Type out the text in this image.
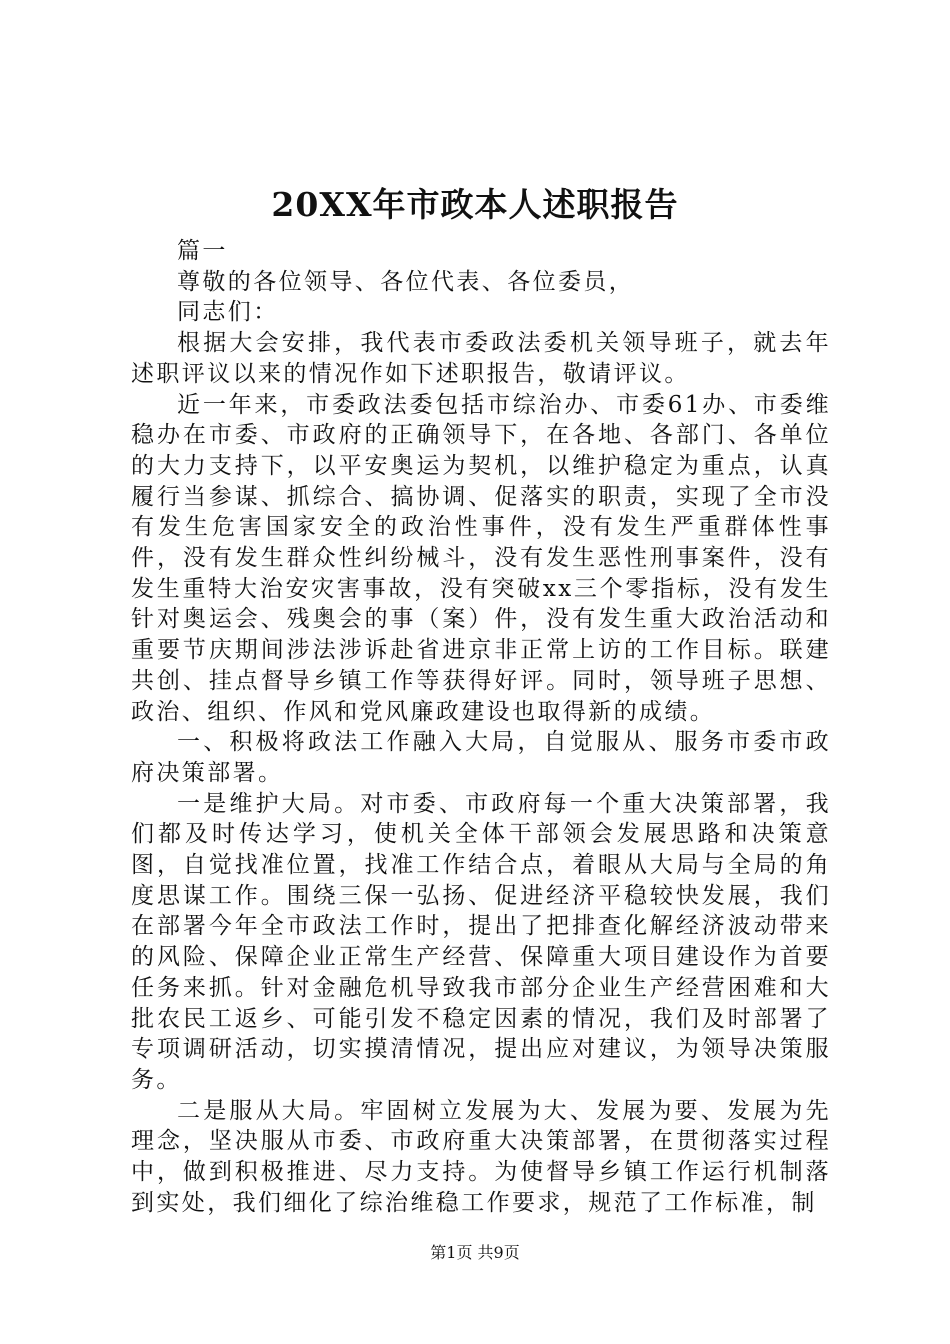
20XX年市政本人述职报告

篇一

尊敬的各位领导、各位代表、各位委员，

同志们：

根据大会安排，我代表市委政法委机关领导班子，就去年述职评议以来的情况作如下述职报告，敬请评议。

近一年来，市委政法委包括市综治办、市委61办、市委维稳办在市委、市政府的正确领导下，在各地、各部门、各单位的大力支持下，以平安奥运为契机，以维护稳定为重点，认真履行当参谋、抓综合、搞协调、促落实的职责，实现了全市没有发生危害国家安全的政治性事件，没有发生严重群体性事件，没有发生群众性纠纷械斗，没有发生恶性刑事案件，没有发生重特大治安灾害事故，没有突破xx三个零指标，没有发生针对奥运会、残奥会的事（案）件，没有发生重大政治活动和重要节庆期间涉法涉诉赴省进京非正常上访的工作目标。联建共创、挂点督导乡镇工作等获得好评。同时，领导班子思想、政治、组织、作风和党风廉政建设也取得新的成绩。

一、积极将政法工作融入大局，自觉服从、服务市委市政府决策部署。

一是维护大局。对市委、市政府每一个重大决策部署，我们都及时传达学习，使机关全体干部领会发展思路和决策意图，自觉找准位置，找准工作结合点，着眼从大局与全局的角度思谋工作。围绕三保一弘扬、促进经济平稳较快发展，我们在部署今年全市政法工作时，提出了把排查化解经济波动带来的风险、保障企业正常生产经营、保障重大项目建设作为首要任务来抓。针对金融危机导致我市部分企业生产经营困难和大批农民工返乡、可能引发不稳定因素的情况，我们及时部署了专项调研活动，切实摸清情况，提出应对建议，为领导决策服务。

二是服从大局。牢固树立发展为大、发展为要、发展为先理念，坚决服从市委、市政府重大决策部署，在贯彻落实过程中，做到积极推进、尽力支持。为使督导乡镇工作运行机制落到实处，我们细化了综治维稳工作要求，规范了工作标准，制

第1页 共9页
